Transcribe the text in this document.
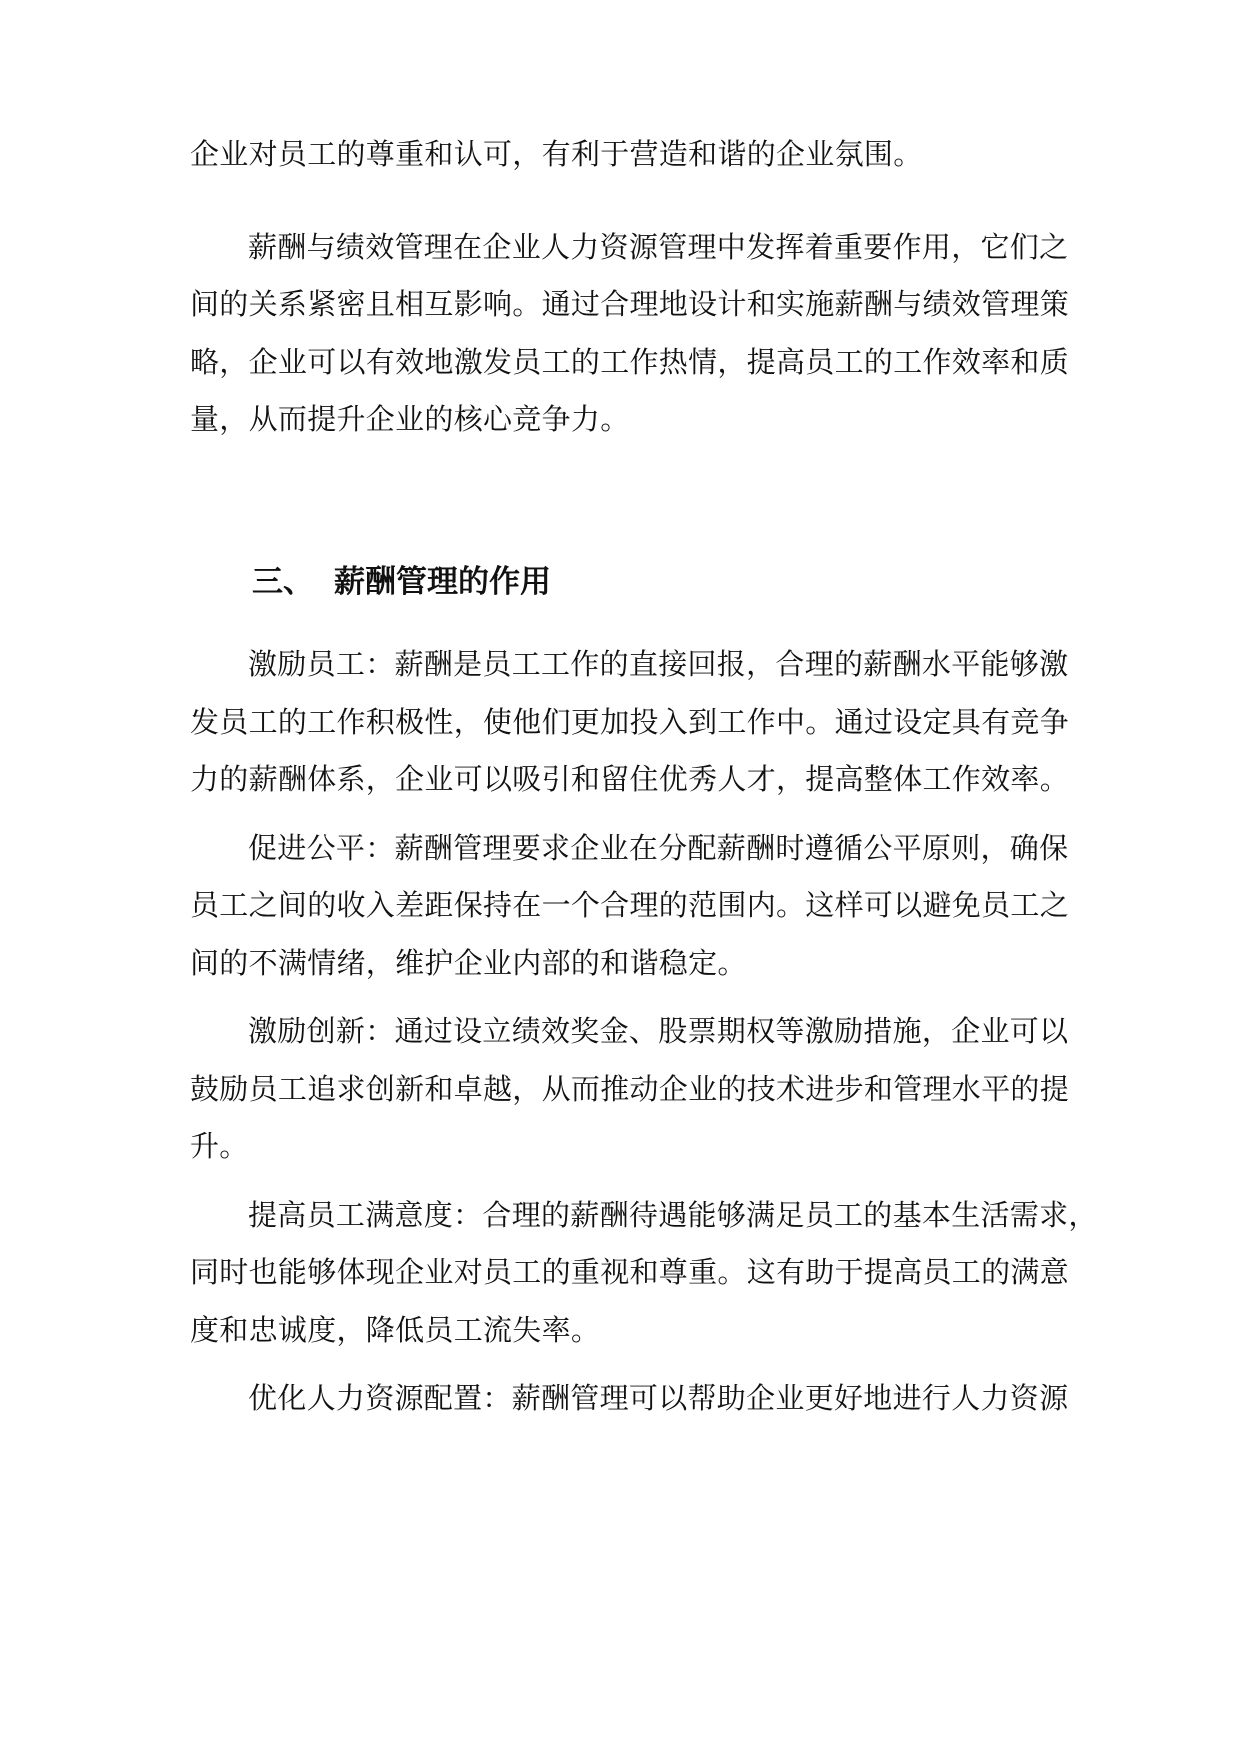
企业对员工的尊重和认可，有利于营造和谐的企业氛围。
薪酬与绩效管理在企业人力资源管理中发挥着重要作用，它们之
间的关系紧密且相互影响。通过合理地设计和实施薪酬与绩效管理策
略，企业可以有效地激发员工的工作热情，提高员工的工作效率和质
量，从而提升企业的核心竞争力。
三、 薪酬管理的作用
激励员工：薪酬是员工工作的直接回报，合理的薪酬水平能够激
发员工的工作积极性，使他们更加投入到工作中。通过设定具有竞争
力的薪酬体系，企业可以吸引和留住优秀人才，提高整体工作效率。
促进公平：薪酬管理要求企业在分配薪酬时遵循公平原则，确保
员工之间的收入差距保持在一个合理的范围内。这样可以避免员工之
间的不满情绪，维护企业内部的和谐稳定。
激励创新：通过设立绩效奖金、股票期权等激励措施，企业可以
鼓励员工追求创新和卓越，从而推动企业的技术进步和管理水平的提
升。
提高员工满意度：合理的薪酬待遇能够满足员工的基本生活需求，
同时也能够体现企业对员工的重视和尊重。这有助于提高员工的满意
度和忠诚度，降低员工流失率。
优化人力资源配置：薪酬管理可以帮助企业更好地进行人力资源
